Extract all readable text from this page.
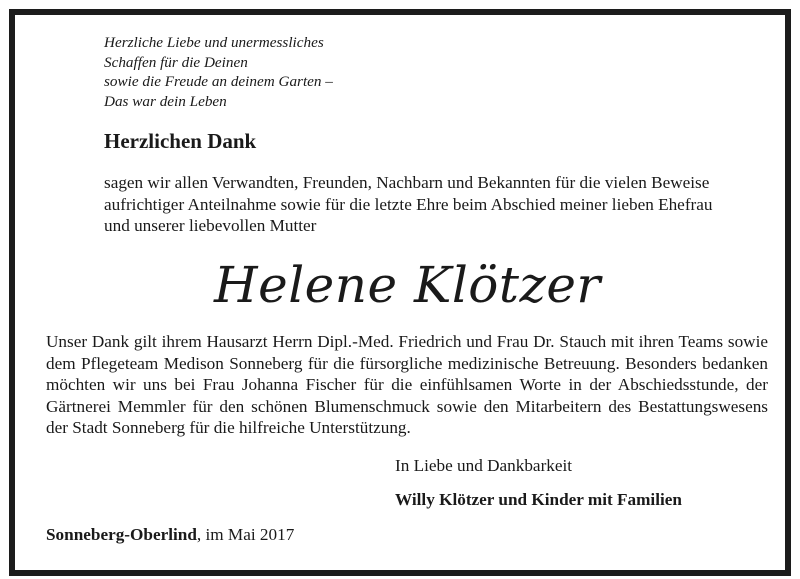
Herzliche Liebe und unermessliches
Schaffen für die Deinen
sowie die Freude an deinem Garten –
Das war dein Leben
Herzlichen Dank
sagen wir allen Verwandten, Freunden, Nachbarn und Bekannten für die vielen Beweise aufrichtiger Anteilnahme sowie für die letzte Ehre beim Abschied meiner lieben Ehefrau und unserer liebevollen Mutter
Helene Klötzer
Unser Dank gilt ihrem Hausarzt Herrn Dipl.-Med. Friedrich und Frau Dr. Stauch mit ihren Teams sowie dem Pflegeteam Medison Sonneberg für die fürsorgliche medizinische Betreuung. Besonders bedanken möchten wir uns bei Frau Johanna Fischer für die einfühlsamen Worte in der Abschiedsstunde, der Gärtnerei Memmler für den schönen Blumenschmuck sowie den Mitarbeitern des Bestattungswesens der Stadt Sonneberg für die hilfreiche Unterstützung.
In Liebe und Dankbarkeit
Willy Klötzer und Kinder mit Familien
Sonneberg-Oberlind, im Mai 2017
